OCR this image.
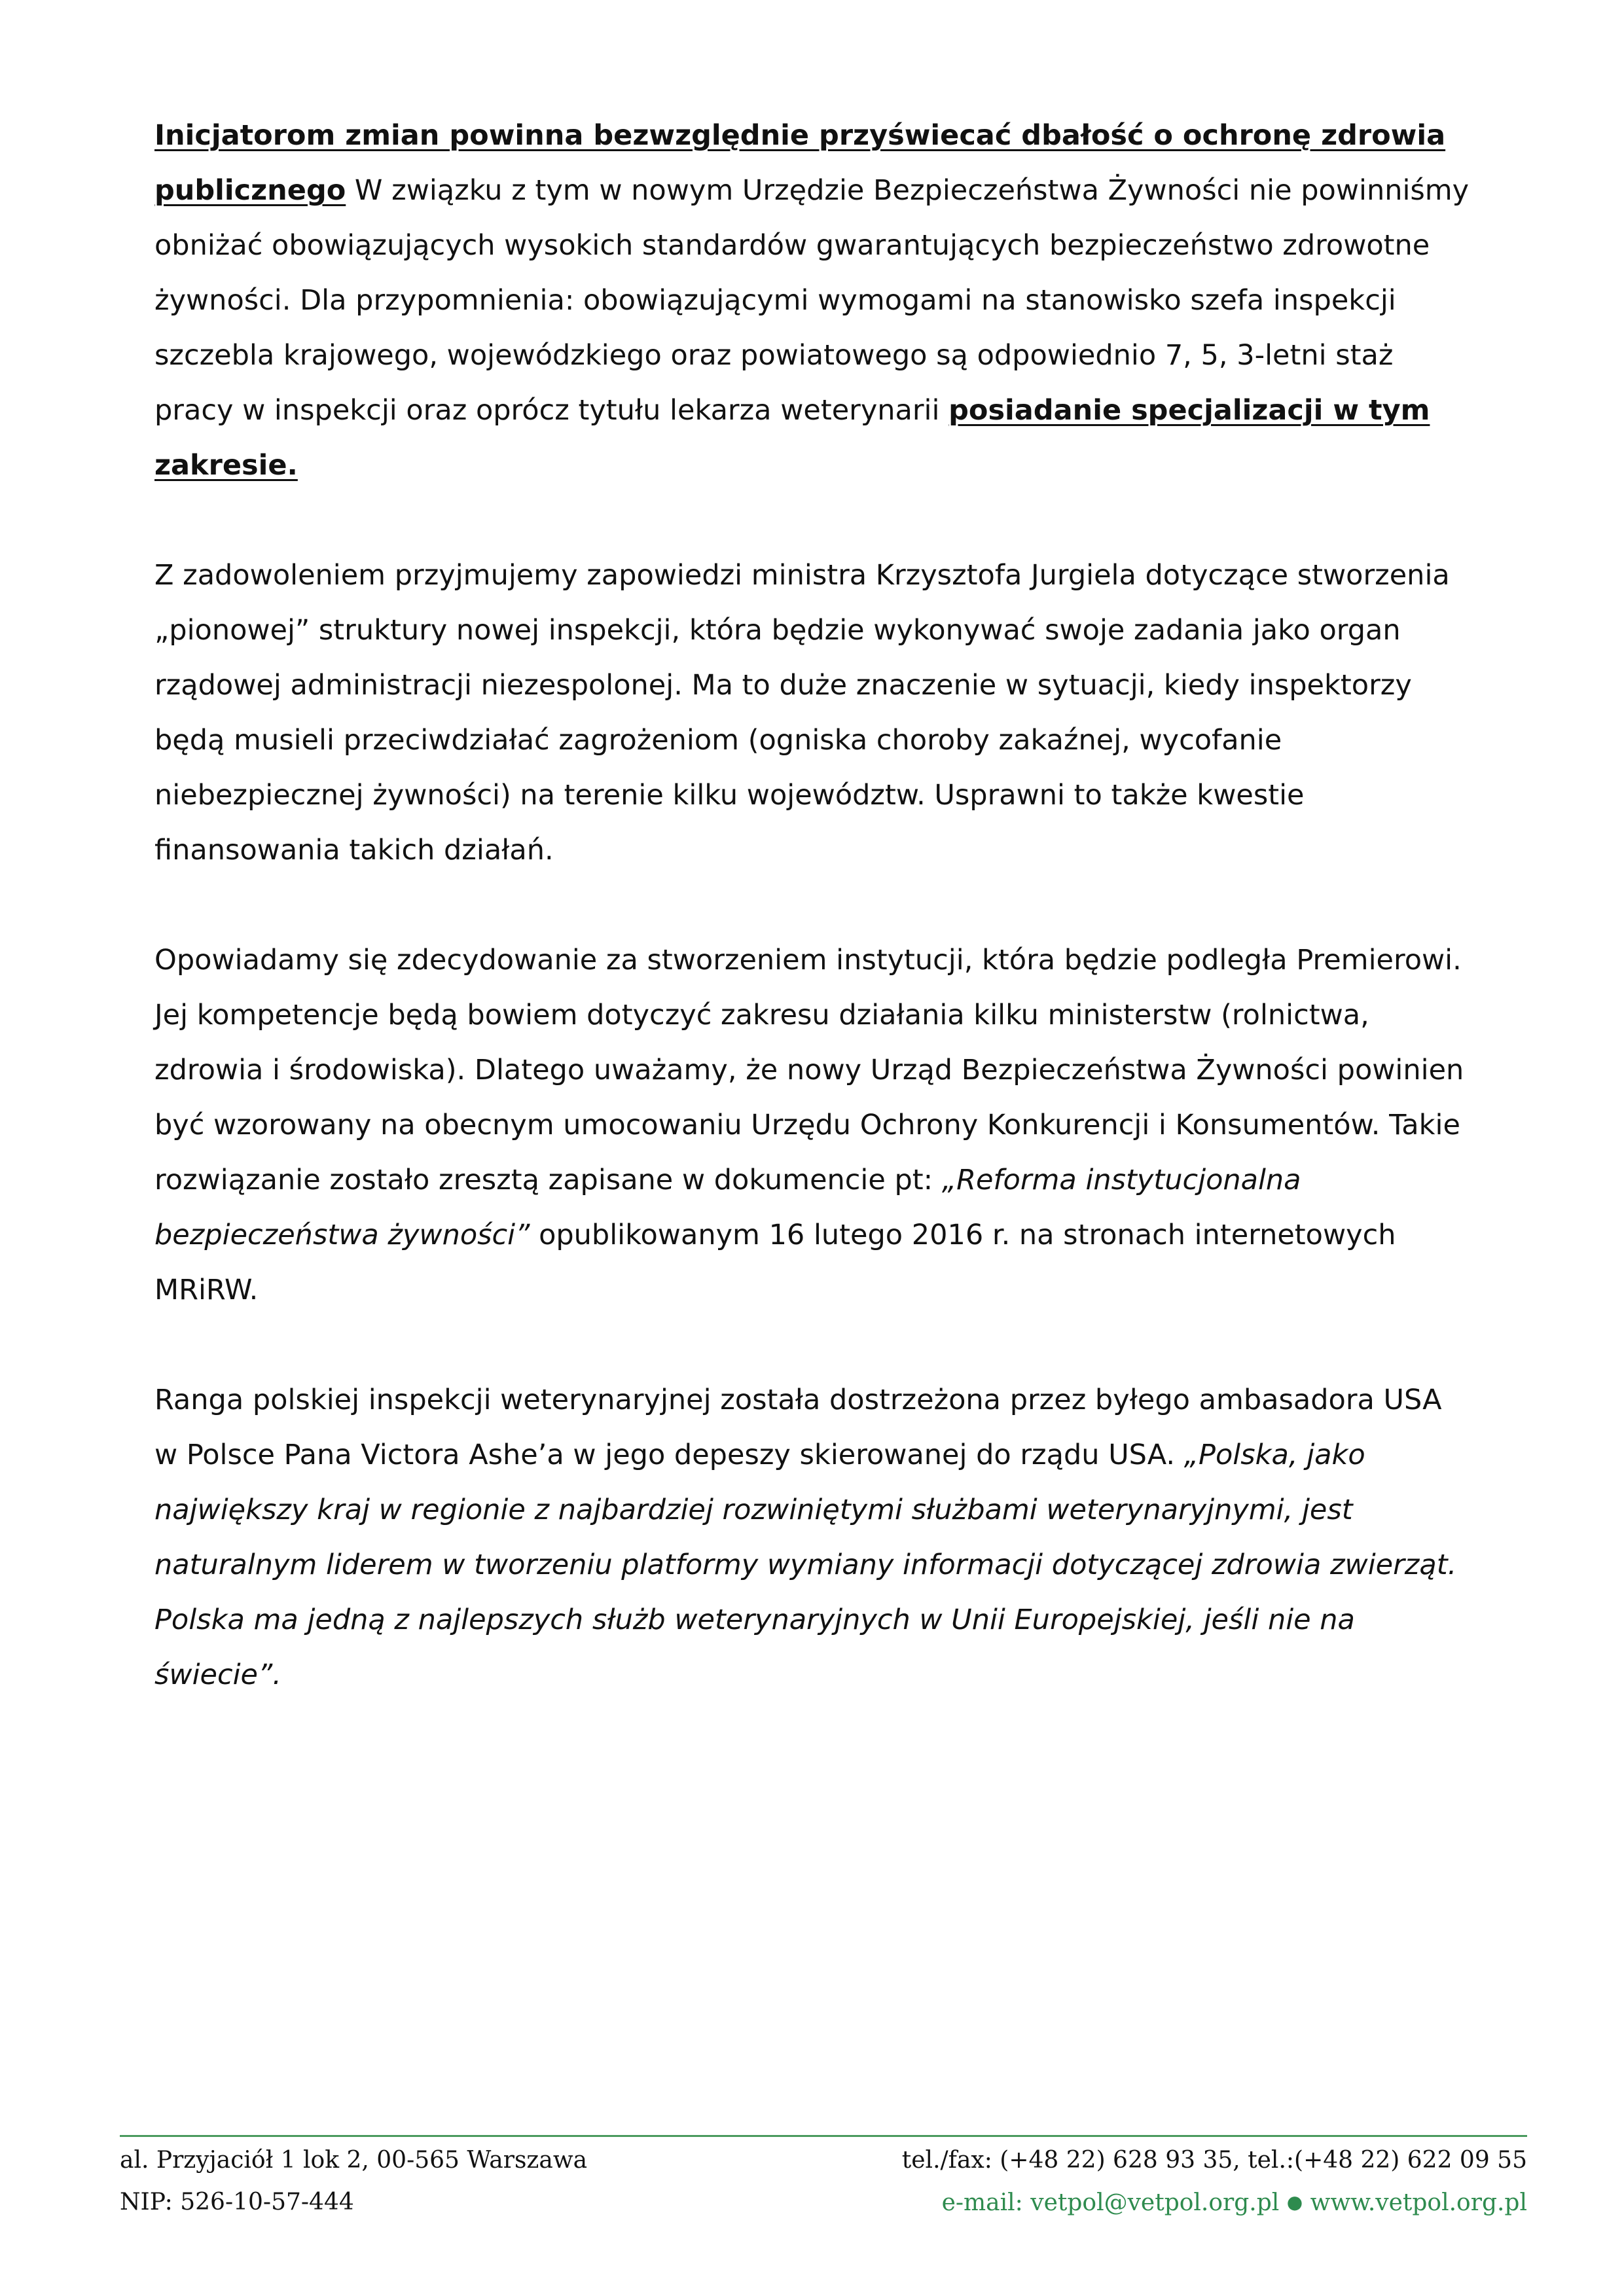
Inicjatorom zmian powinna bezwzględnie przyświecać dbałość o ochronę zdrowia publicznego W związku z tym w nowym Urzędzie Bezpieczeństwa Żywności nie powinniśmy obniżać obowiązujących wysokich standardów gwarantujących bezpieczeństwo zdrowotne żywności. Dla przypomnienia: obowiązującymi wymogami na stanowisko szefa inspekcji szczebla krajowego, wojewódzkiego oraz powiatowego są odpowiednio 7, 5, 3-letni staż pracy w inspekcji oraz oprócz tytułu lekarza weterynarii posiadanie specjalizacji w tym zakresie.

Z zadowoleniem przyjmujemy zapowiedzi ministra Krzysztofa Jurgiela dotyczące stworzenia „pionowej” struktury nowej inspekcji, która będzie wykonywać swoje zadania jako organ rządowej administracji niezespolonej. Ma to duże znaczenie w sytuacji, kiedy inspektorzy będą musieli przeciwdziałać zagrożeniom (ogniska choroby zakaźnej, wycofanie niebezpiecznej żywności) na terenie kilku województw. Usprawni to także kwestie finansowania takich działań.

Opowiadamy się zdecydowanie za stworzeniem instytucji, która będzie podległa Premierowi. Jej kompetencje będą bowiem dotyczyć zakresu działania kilku ministerstw (rolnictwa, zdrowia i środowiska). Dlatego uważamy, że nowy Urząd Bezpieczeństwa Żywności powinien być wzorowany na obecnym umocowaniu Urzędu Ochrony Konkurencji i Konsumentów. Takie rozwiązanie zostało zresztą zapisane w dokumencie pt: „Reforma instytucjonalna bezpieczeństwa żywności” opublikowanym 16 lutego 2016 r. na stronach internetowych MRiRW.

Ranga polskiej inspekcji weterynaryjnej została dostrzeżona przez byłego ambasadora USA w Polsce Pana Victora Ashe’a w jego depeszy skierowanej do rządu USA. „Polska, jako największy kraj w regionie z najbardziej rozwiniętymi służbami weterynaryjnymi, jest naturalnym liderem w tworzeniu platformy wymiany informacji dotyczącej zdrowia zwierząt. Polska ma jedną z najlepszych służb weterynaryjnych w Unii Europejskiej, jeśli nie na świecie”.

al. Przyjaciół 1 lok 2, 00-565 Warszawa	tel./fax: (+48 22) 628 93 35, tel.:(+48 22) 622 09 55
NIP: 526-10-57-444	e-mail: vetpol@vetpol.org.pl ● www.vetpol.org.pl
